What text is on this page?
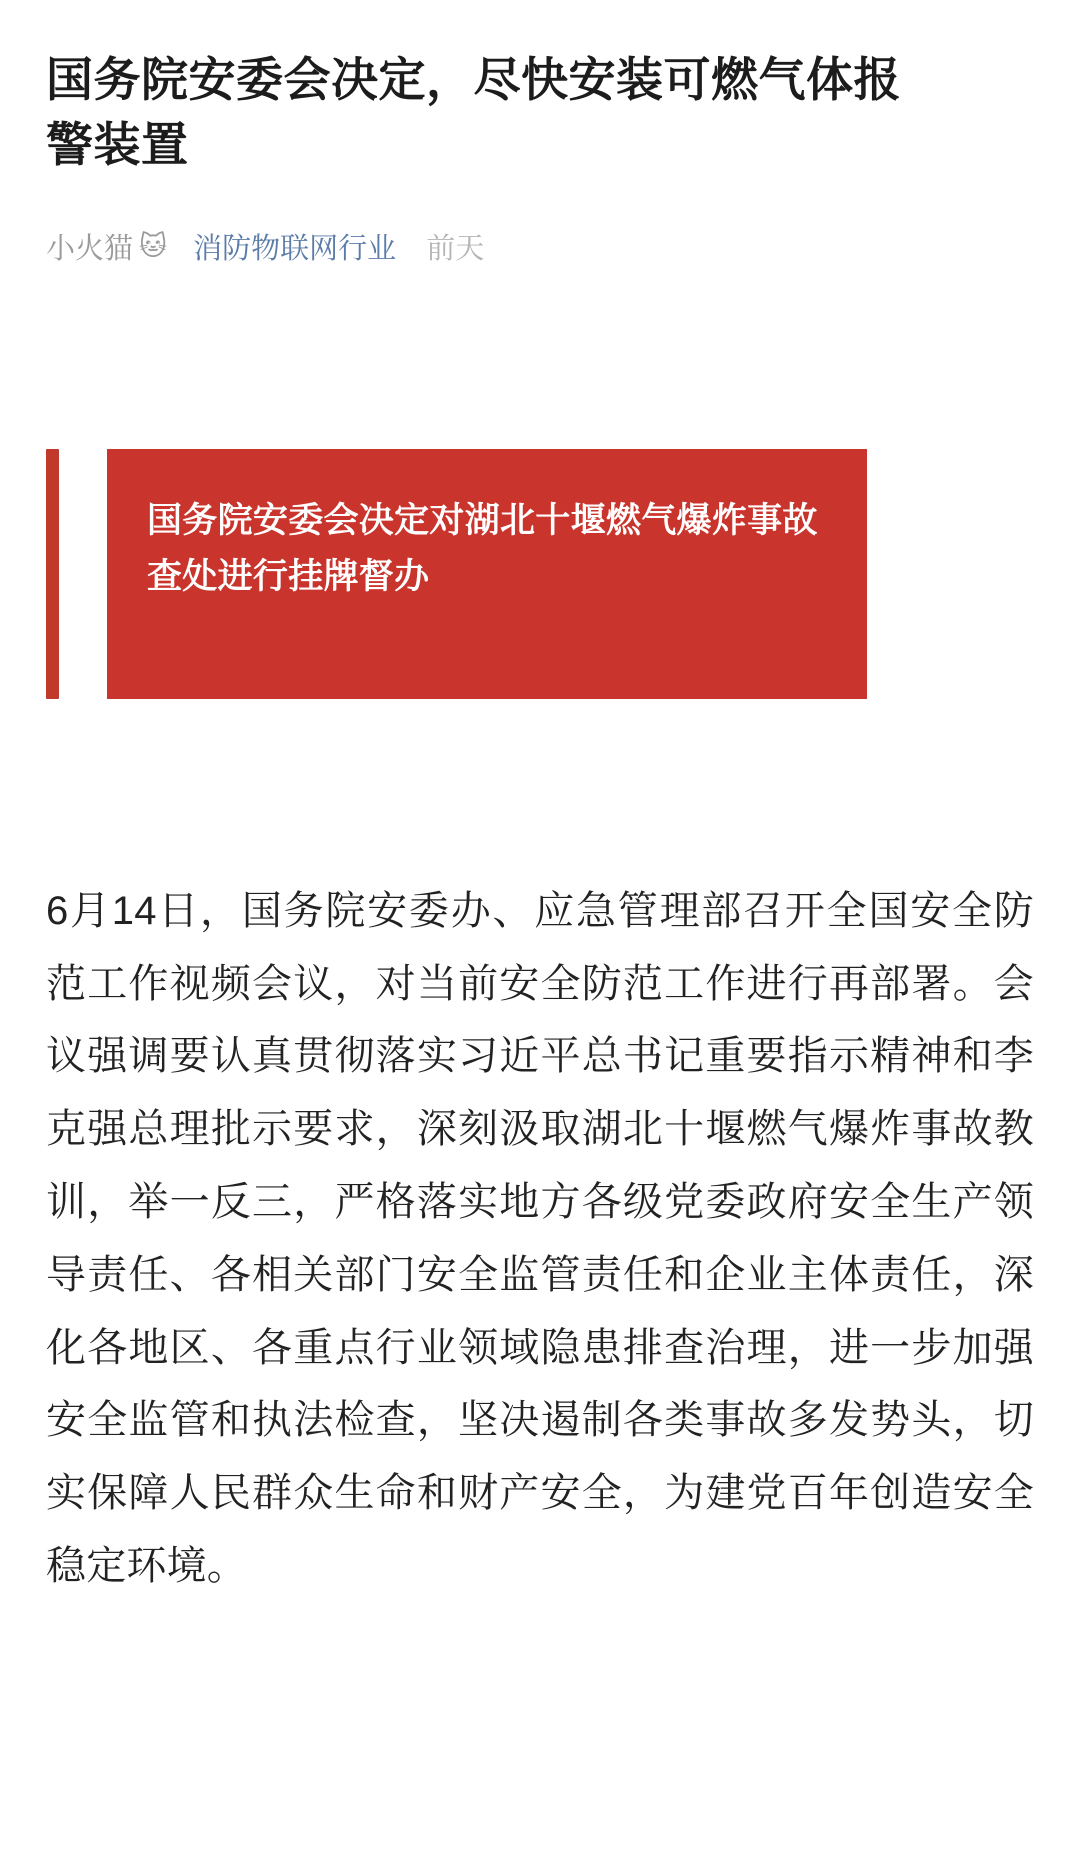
国务院安委会决定，尽快安装可燃气体报警装置
小火猫 🐱 消防物联网行业 前天
国务院安委会决定对湖北十堰燃气爆炸事故查处进行挂牌督办

6月14日，国务院安委办、应急管理部召开全国安全防范工作视频会议，对当前安全防范工作进行再部署。会议强调要认真贯彻落实习近平总书记重要指示精神和李克强总理批示要求，深刻汲取湖北十堰燃气爆炸事故教训，举一反三，严格落实地方各级党委政府安全生产领导责任、各相关部门安全监管责任和企业主体责任，深化各地区、各重点行业领域隐患排查治理，进一步加强安全监管和执法检查，坚决遏制各类事故多发势头，切实保障人民群众生命和财产安全，为建党百年创造安全稳定环境。
